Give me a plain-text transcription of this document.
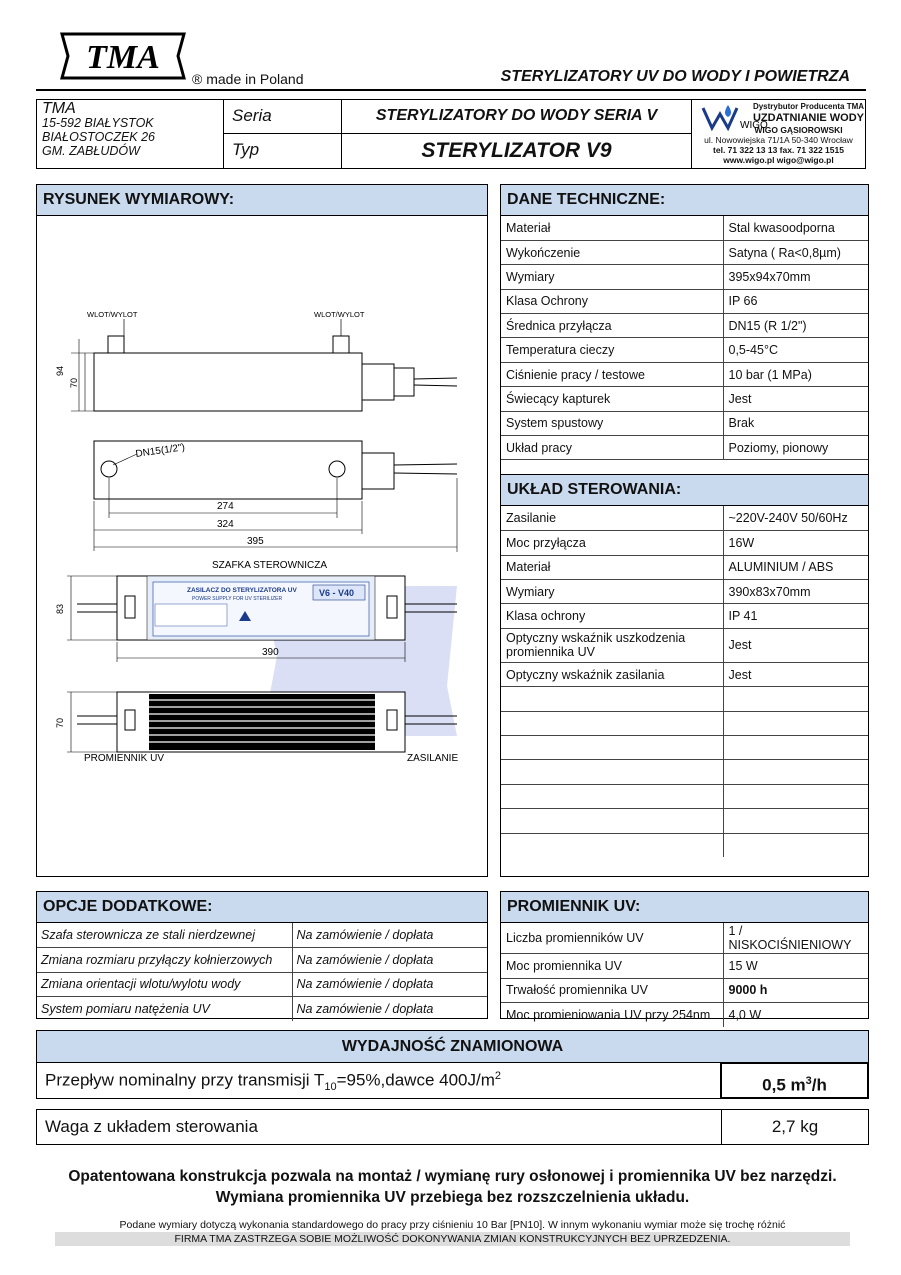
TMA
® made in Poland	STERYLIZATORY UV DO WODY I POWIETRZA
TMA
15-592 BIAŁYSTOK
BIAŁOSTOCZEK 26
GM. ZABŁUDÓW
Seria	STERYLIZATORY DO WODY SERIA V
Typ	STERYLIZATOR V9
WIGO
Dystrybutor Producenta TMA
UZDATNIANIE WODY
WIGO GĄSIOROWSKI
ul. Nowowiejska 71/1A 50-340 Wrocław
tel. 71 322 13 13 fax. 71 322 1515
www.wigo.pl wigo@wigo.pl
RYSUNEK WYMIAROWY:
WLOT/WYLOT	WLOT/WYLOT
94
70
DN15(1/2")
274
324
395
SZAFKA STEROWNICZA
ZASILACZ DO STERYLIZATORA UV
POWER SUPPLY FOR UV STERILIZER
V6 - V40
83
390
70
PROMIENNIK UV	ZASILANIE
DANE TECHNICZNE:
Materiał	Stal kwasoodporna
Wykończenie	Satyna ( Ra<0,8µm)
Wymiary	395x94x70mm
Klasa Ochrony	IP 66
Średnica przyłącza	DN15 (R 1/2")
Temperatura cieczy	0,5-45°C
Ciśnienie pracy / testowe	10 bar (1 MPa)
Świecący kapturek	Jest
System spustowy	Brak
Układ pracy	Poziomy, pionowy
UKŁAD STEROWANIA:
Zasilanie	~220V-240V 50/60Hz
Moc przyłącza	16W
Materiał	ALUMINIUM / ABS
Wymiary	390x83x70mm
Klasa ochrony	IP 41
Optyczny wskaźnik uszkodzenia promiennika UV	Jest
Optyczny wskaźnik zasilania	Jest

OPCJE DODATKOWE:
Szafa sterownicza ze stali nierdzewnej	Na zamówienie / dopłata
Zmiana rozmiaru przyłączy kołnierzowych	Na zamówienie / dopłata
Zmiana orientacji wlotu/wylotu wody	Na zamówienie / dopłata
System pomiaru natężenia UV	Na zamówienie / dopłata
PROMIENNIK UV:
Liczba promienników UV	1 / NISKOCIŚNIENIOWY
Moc promiennika UV	15 W
Trwałość promiennika UV	9000 h
Moc promieniowania UV przy 254nm	4,0 W
WYDAJNOŚĆ ZNAMIONOWA
Przepływ nominalny przy transmisji $T_{10}=95\%,dawce$ $400J/m^2$	0,5 $m^3/h$
Waga z układem sterowania	2,7 kg
Opatentowana konstrukcja pozwala na montaż / wymianę rury osłonowej i promiennika UV bez narzędzi.
Wymiana promiennika UV przebiega bez rozszczelnienia układu.
Podane wymiary dotyczą wykonania standardowego do pracy przy ciśnieniu 10 Bar [PN10]. W innym wykonaniu wymiar może się trochę różnić
FIRMA TMA ZASTRZEGA SOBIE MOŻLIWOŚĆ DOKONYWANIA ZMIAN KONSTRUKCYJNYCH BEZ UPRZEDZENIA.
